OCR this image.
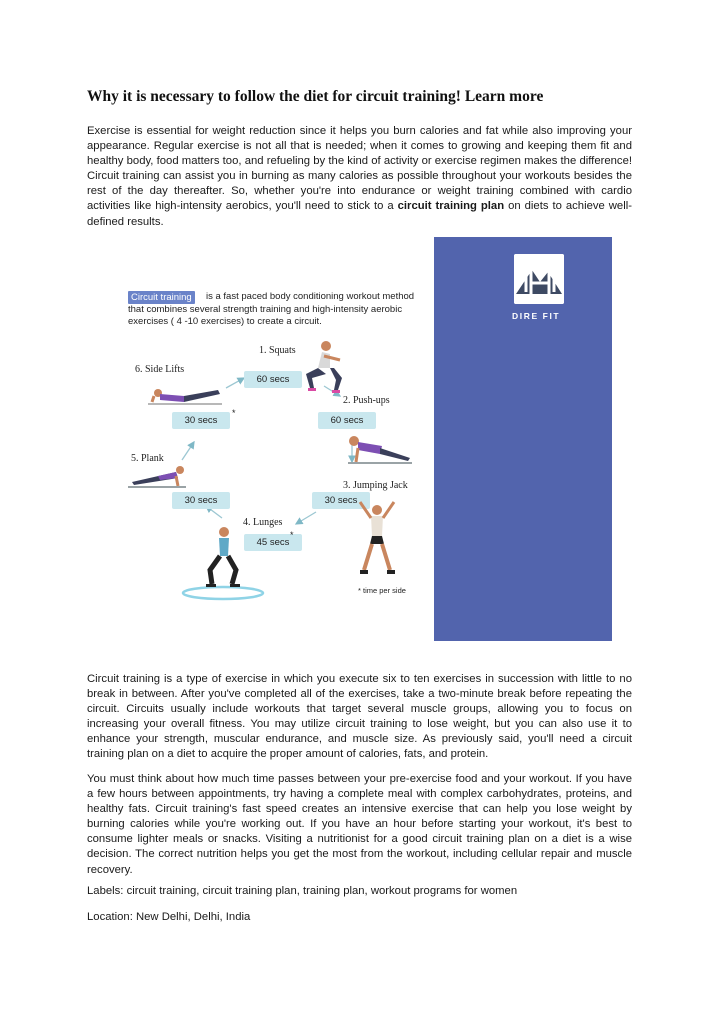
Why it is necessary to follow the diet for circuit training! Learn more

Exercise is essential for weight reduction since it helps you burn calories and fat while also improving your appearance. Regular exercise is not all that is needed; when it comes to growing and keeping them fit and healthy body, food matters too, and refueling by the kind of activity or exercise regimen makes the difference! Circuit training can assist you in burning as many calories as possible throughout your workouts besides the rest of the day thereafter. So, whether you're into endurance or weight training combined with cardio activities like high-intensity aerobics, you'll need to stick to a circuit training plan on diets to achieve well-defined results.

is a fast paced body conditioning workout method that combines several strength training and high-intensity aerobic exercises ( 4 -10 exercises) to create a circuit.
Circuit training
1. Squats
2. Push-ups
3. Jumping Jack
4. Lunges
5. Plank
6. Side Lifts
60 secs
60 secs
30 secs
45 secs
30 secs
30 secs
*
*
* time per side
DIRE FIT

Circuit training is a type of exercise in which you execute six to ten exercises in succession with little to no break in between. After you've completed all of the exercises, take a two-minute break before repeating the circuit. Circuits usually include workouts that target several muscle groups, allowing you to focus on increasing your overall fitness. You may utilize circuit training to lose weight, but you can also use it to enhance your strength, muscular endurance, and muscle size. As previously said, you'll need a circuit training plan on a diet to acquire the proper amount of calories, fats, and protein.

You must think about how much time passes between your pre-exercise food and your workout. If you have a few hours between appointments, try having a complete meal with complex carbohydrates, proteins, and healthy fats. Circuit training's fast speed creates an intensive exercise that can help you lose weight by burning calories while you're working out. If you have an hour before starting your workout, it's best to consume lighter meals or snacks. Visiting a nutritionist for a good circuit training plan on a diet is a wise decision. The correct nutrition helps you get the most from the workout, including cellular repair and muscle recovery.

Labels: circuit training, circuit training plan, training plan, workout programs for women
Location: New Delhi, Delhi, India
